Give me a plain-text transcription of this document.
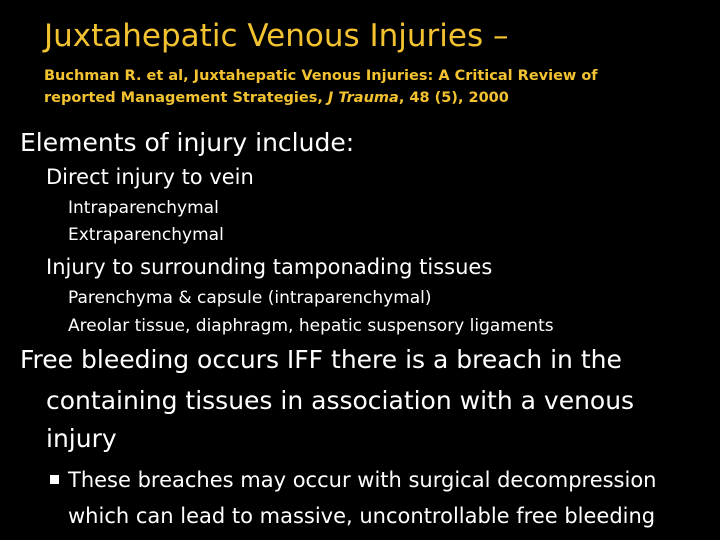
Juxtahepatic Venous Injuries –
Buchman R. et al, Juxtahepatic Venous Injuries: A Critical Review of
reported Management Strategies, J Trauma, 48 (5), 2000
Elements of injury include:
Direct injury to vein
Intraparenchymal
Extraparenchymal
Injury to surrounding tamponading tissues
Parenchyma & capsule (intraparenchymal)
Areolar tissue, diaphragm, hepatic suspensory ligaments
Free bleeding occurs IFF there is a breach in the
containing tissues in association with a venous
injury
These breaches may occur with surgical decompression
which can lead to massive, uncontrollable free bleeding
